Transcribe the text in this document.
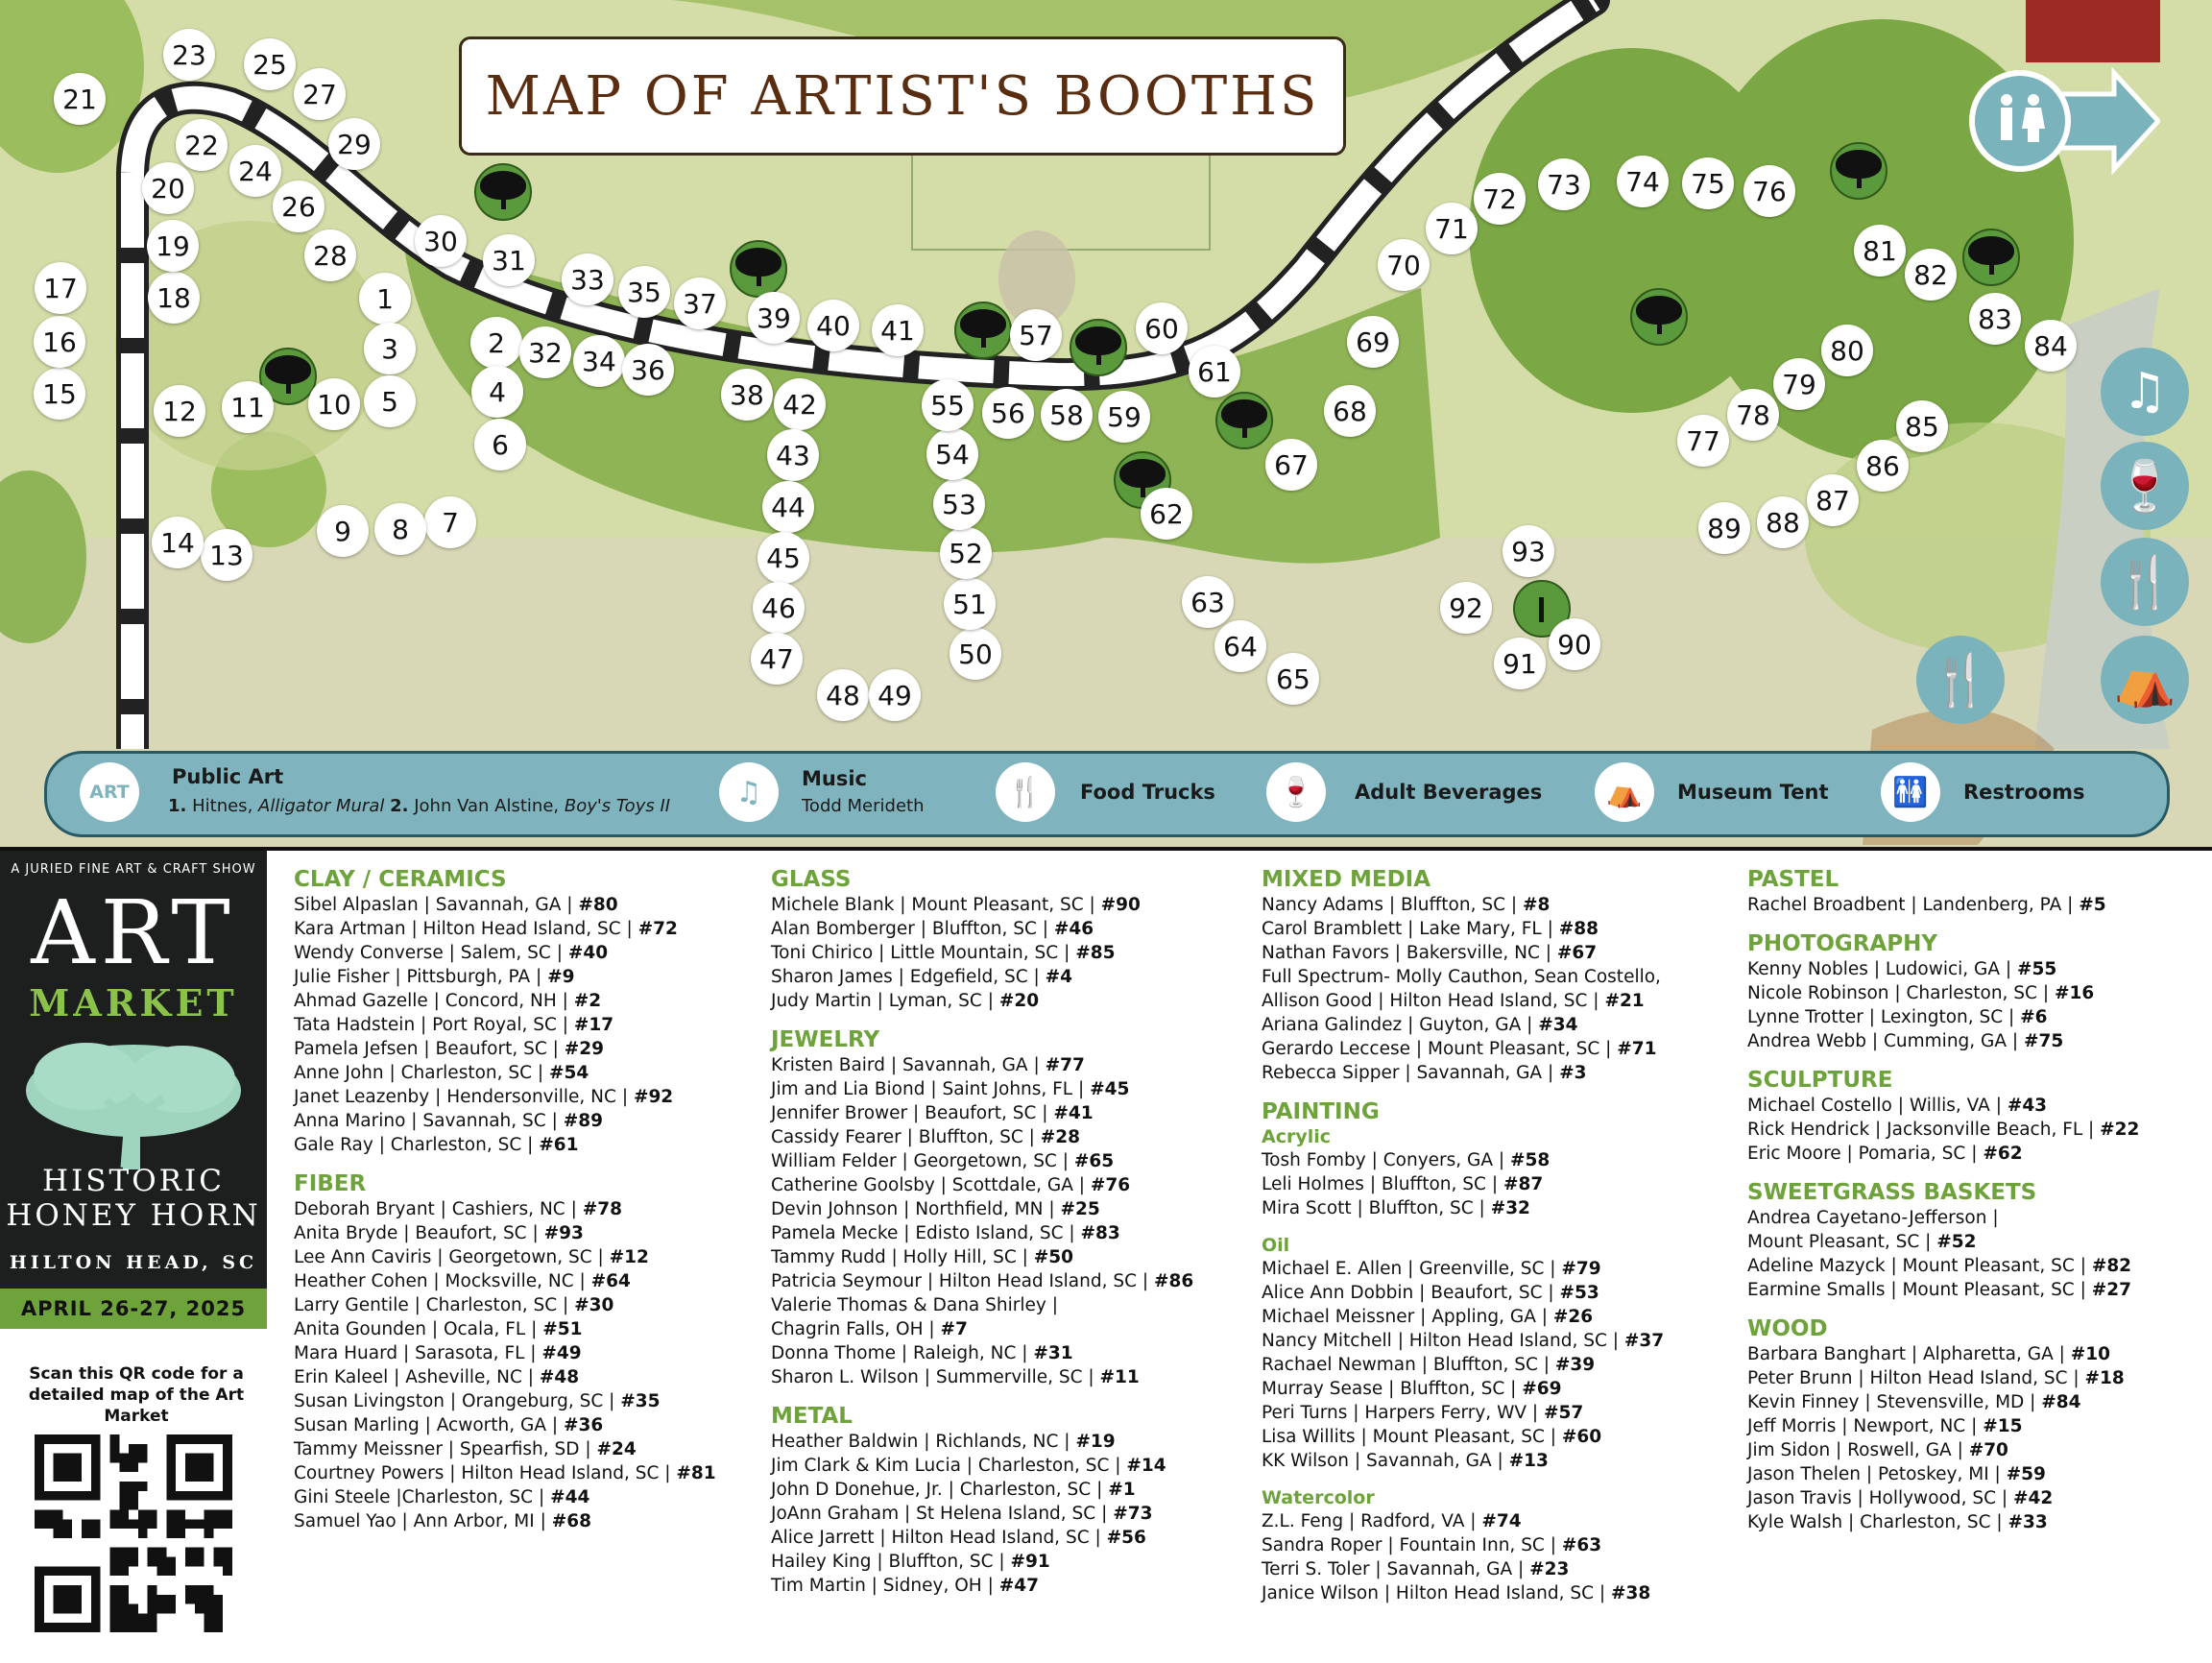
MAP OF ARTIST'S BOOTHS
1
2
3
4
5
6
7
8
9
10
11
12
13
14
15
16
17	18
19
20
21
22
23
24
25
26
27
28
29
30
31
32
33
34
35
36
37
38
39 40	41
42
43
44
45
46
47
48 49
50
51
52
53
54
55 56
57
58 59
60
61
62
63
64
65
67
68
69
70
71
72	73	74	75	76
77
78
79
80
81
82
83
84
85
86
87
88
89
90
91
92
93
♫
🍷
🍴
⛺
🍴
ART
Public Art
1. Hitnes, Alligator Mural 2. John Van Alstine, Boy's Toys II	♫	Music
Todd Merideth	🍴	Food Trucks	🍷	Adult Beverages	⛺	Museum Tent	🚻	Restrooms
A JURIED FINE ART & CRAFT SHOW
ART
MARKET
HISTORIC
HONEY HORN
HILTON HEAD, SC
APRIL 26-27, 2025
Scan this QR code for a detailed map of the Art Market
CLAY / CERAMICS
Sibel Alpaslan | Savannah, GA | #80
Kara Artman | Hilton Head Island, SC | #72
Wendy Converse | Salem, SC | #40
Julie Fisher | Pittsburgh, PA | #9
Ahmad Gazelle | Concord, NH | #2
Tata Hadstein | Port Royal, SC | #17
Pamela Jefsen | Beaufort, SC | #29
Anne John | Charleston, SC | #54
Janet Leazenby | Hendersonville, NC | #92
Anna Marino | Savannah, SC | #89
Gale Ray | Charleston, SC | #61
FIBER
Deborah Bryant | Cashiers, NC | #78
Anita Bryde | Beaufort, SC | #93
Lee Ann Caviris | Georgetown, SC | #12
Heather Cohen | Mocksville, NC | #64
Larry Gentile | Charleston, SC | #30
Anita Gounden | Ocala, FL | #51
Mara Huard | Sarasota, FL | #49
Erin Kaleel | Asheville, NC | #48
Susan Livingston | Orangeburg, SC | #35
Susan Marling | Acworth, GA | #36
Tammy Meissner | Spearfish, SD | #24
Courtney Powers | Hilton Head Island, SC | #81
Gini Steele |Charleston, SC | #44
Samuel Yao | Ann Arbor, MI | #68
GLASS
Michele Blank | Mount Pleasant, SC | #90
Alan Bomberger | Bluffton, SC | #46
Toni Chirico | Little Mountain, SC | #85
Sharon James | Edgefield, SC | #4
Judy Martin | Lyman, SC | #20
JEWELRY
Kristen Baird | Savannah, GA | #77
Jim and Lia Biond | Saint Johns, FL | #45
Jennifer Brower | Beaufort, SC | #41
Cassidy Fearer | Bluffton, SC | #28
William Felder | Georgetown, SC | #65
Catherine Goolsby | Scottdale, GA | #76
Devin Johnson | Northfield, MN | #25
Pamela Mecke | Edisto Island, SC | #83
Tammy Rudd | Holly Hill, SC | #50
Patricia Seymour | Hilton Head Island, SC | #86
Valerie Thomas & Dana Shirley |
Chagrin Falls, OH | #7
Donna Thome | Raleigh, NC | #31
Sharon L. Wilson | Summerville, SC | #11
METAL
Heather Baldwin | Richlands, NC | #19
Jim Clark & Kim Lucia | Charleston, SC | #14
John D Donehue, Jr. | Charleston, SC | #1
JoAnn Graham | St Helena Island, SC | #73
Alice Jarrett | Hilton Head Island, SC | #56
Hailey King | Bluffton, SC | #91
Tim Martin | Sidney, OH | #47
MIXED MEDIA
Nancy Adams | Bluffton, SC | #8
Carol Bramblett | Lake Mary, FL | #88
Nathan Favors | Bakersville, NC | #67
Full Spectrum- Molly Cauthon, Sean Costello,
Allison Good | Hilton Head Island, SC | #21
Ariana Galindez | Guyton, GA | #34
Gerardo Leccese | Mount Pleasant, SC | #71
Rebecca Sipper | Savannah, GA | #3
PAINTING
Acrylic
Tosh Fomby | Conyers, GA | #58
Leli Holmes | Bluffton, SC | #87
Mira Scott | Bluffton, SC | #32
Oil
Michael E. Allen | Greenville, SC | #79
Alice Ann Dobbin | Beaufort, SC | #53
Michael Meissner | Appling, GA | #26
Nancy Mitchell | Hilton Head Island, SC | #37
Rachael Newman | Bluffton, SC | #39
Murray Sease | Bluffton, SC | #69
Peri Turns | Harpers Ferry, WV | #57
Lisa Willits | Mount Pleasant, SC | #60
KK Wilson | Savannah, GA | #13
Watercolor
Z.L. Feng | Radford, VA | #74
Sandra Roper | Fountain Inn, SC | #63
Terri S. Toler | Savannah, GA | #23
Janice Wilson | Hilton Head Island, SC | #38
PASTEL
Rachel Broadbent | Landenberg, PA | #5
PHOTOGRAPHY
Kenny Nobles | Ludowici, GA | #55
Nicole Robinson | Charleston, SC | #16
Lynne Trotter | Lexington, SC | #6
Andrea Webb | Cumming, GA | #75
SCULPTURE
Michael Costello | Willis, VA | #43
Rick Hendrick | Jacksonville Beach, FL | #22
Eric Moore | Pomaria, SC | #62
SWEETGRASS BASKETS
Andrea Cayetano-Jefferson |
Mount Pleasant, SC | #52
Adeline Mazyck | Mount Pleasant, SC | #82
Earmine Smalls | Mount Pleasant, SC | #27
WOOD
Barbara Banghart | Alpharetta, GA | #10
Peter Brunn | Hilton Head Island, SC | #18
Kevin Finney | Stevensville, MD | #84
Jeff Morris | Newport, NC | #15
Jim Sidon | Roswell, GA | #70
Jason Thelen | Petoskey, MI | #59
Jason Travis | Hollywood, SC | #42
Kyle Walsh | Charleston, SC | #33
